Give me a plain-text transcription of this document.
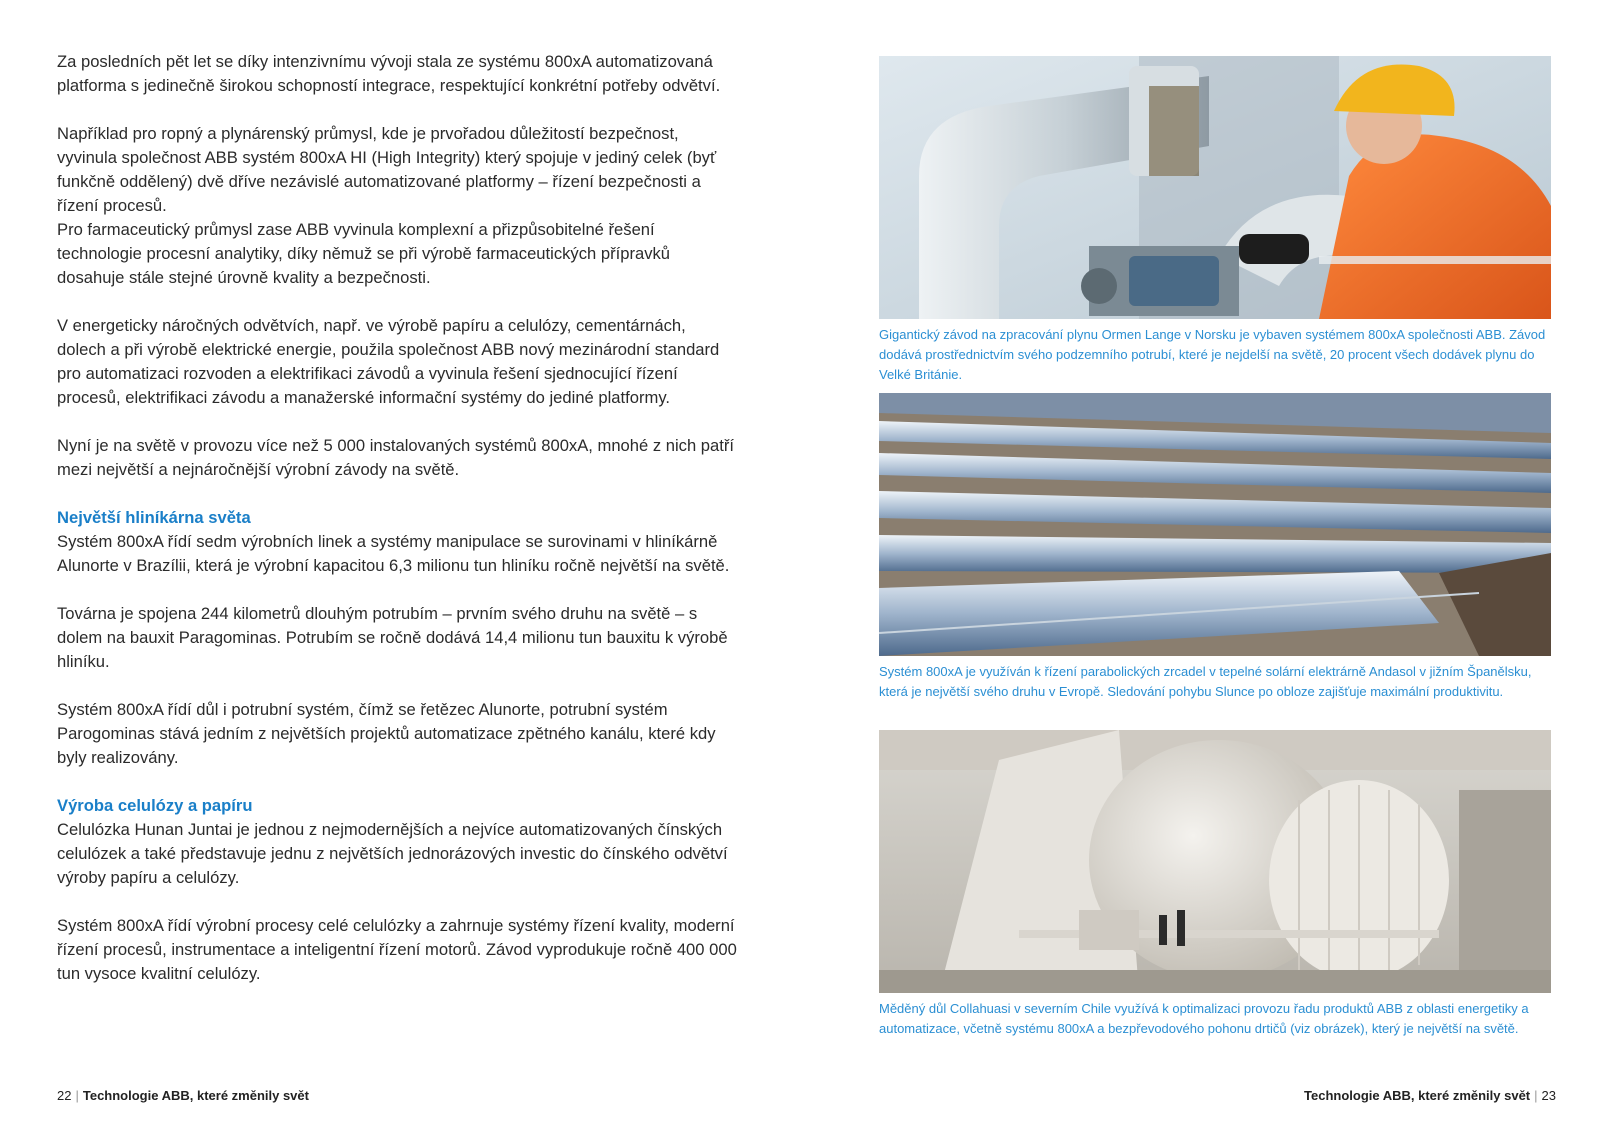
Za posledních pět let se díky intenzivnímu vývoji stala ze systému 800xA automatizovaná platforma s jedinečně širokou schopností integrace, respektující konkrétní potřeby odvětví.

Například pro ropný a plynárenský průmysl, kde je prvořadou důležitostí bezpečnost, vyvinula společnost ABB systém 800xA HI (High Integrity) který spojuje v jediný celek (byť funkčně oddělený) dvě dříve nezávislé automatizované platformy – řízení bezpečnosti a řízení procesů.

Pro farmaceutický průmysl zase ABB vyvinula komplexní a přizpůsobitelné řešení technologie procesní analytiky, díky němuž se při výrobě farmaceutických přípravků dosahuje stále stejné úrovně kvality a bezpečnosti.

V energeticky náročných odvětvích, např. ve výrobě papíru a celulózy, cementárnách, dolech a při výrobě elektrické energie, použila společnost ABB nový mezinárodní standard pro automatizaci rozvoden a elektrifikaci závodů a vyvinula řešení sjednocující řízení procesů, elektrifikaci závodu a manažerské informační systémy do jediné platformy.

Nyní je na světě v provozu více než 5 000 instalovaných systémů 800xA, mnohé z nich patří mezi největší a nejnáročnější výrobní závody na světě.

Největší hliníkárna světa

Systém 800xA řídí sedm výrobních linek a systémy manipulace se surovinami v hliníkárně Alunorte v Brazílii, která je výrobní kapacitou 6,3 milionu tun hliníku ročně největší na světě.

Továrna je spojena 244 kilometrů dlouhým potrubím – prvním svého druhu na světě – s dolem na bauxit Paragominas. Potrubím se ročně dodává 14,4 milionu tun bauxitu k výrobě hliníku.

Systém 800xA řídí důl i potrubní systém, čímž se řetězec Alunorte, potrubní systém Parogominas stává jedním z největších projektů automatizace zpětného kanálu, které kdy byly realizovány.

Výroba celulózy a papíru

Celulózka Hunan Juntai je jednou z nejmodernějších a nejvíce automatizovaných čínských celulózek a také představuje jednu z největších jednorázových investic do čínského odvětví výroby papíru a celulózy.

Systém 800xA řídí výrobní procesy celé celulózky a zahrnuje systémy řízení kvality, moderní řízení procesů, instrumentace a inteligentní řízení motorů. Závod vyprodukuje ročně 400 000 tun vysoce kvalitní celulózy.

Gigantický závod na zpracování plynu Ormen Lange v Norsku je vybaven systémem 800xA společnosti ABB. Závod dodává prostřednictvím svého podzemního potrubí, které je nejdelší na světě, 20 procent všech dodávek plynu do Velké Británie.
Systém 800xA je využíván k řízení parabolických zrcadel v tepelné solární elektrárně Andasol v jižním Španělsku, která je největší svého druhu v Evropě. Sledování pohybu Slunce po obloze zajišťuje maximální produktivitu.
Měděný důl Collahuasi v severním Chile využívá k optimalizaci provozu řadu produktů ABB z oblasti energetiky a automatizace, včetně systému 800xA a bezpřevodového pohonu drtičů (viz obrázek), který je největší na světě.
22 | Technologie ABB, které změnily svět	Technologie ABB, které změnily svět | 23
